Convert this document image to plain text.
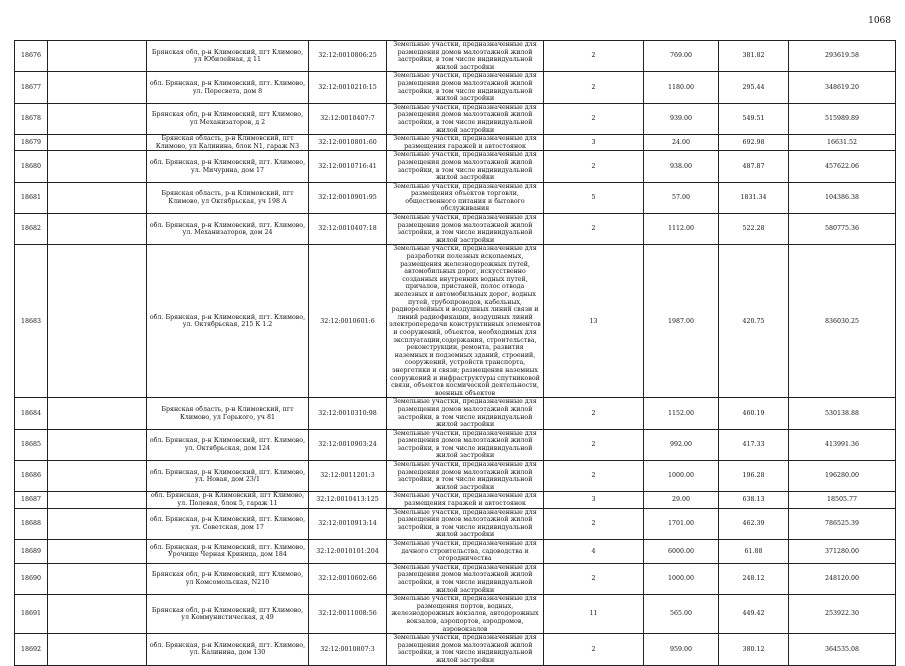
1068
18676		Брянская обл, р-н Климовский, пгт Климово, ул Юбилейная, д 11	32:12:0010806:25	Земельные участки, предназначенные для размещения домов малоэтажной жилой застройки, в том числе индивидуальной жилой застройки	2	769.00	381.82	293619.58
18677		обл. Брянская, р-н Климовский, пгт. Климово, ул. Пересвета, дом 8	32:12:0010210:15	Земельные участки, предназначенные для размещения домов малоэтажной жилой застройки, в том числе индивидуальной жилой застройки	2	1180.00	295.44	348619.20
18678		Брянская обл, р-н Климовский, пгт Климово, ул Механизаторов, д 2	32:12:0010407:7	Земельные участки, предназначенные для размещения домов малоэтажной жилой застройки, в том числе индивидуальной жилой застройки	2	939.00	549.51	515989.89
18679		Брянская область, р-н Климовский, пгт Климово, ул Калинина, блок N1, гараж N3	32:12:0010801:60	Земельные участки, предназначенные для размещения гаражей и автостоянок	3	24.00	692.98	16631.52
18680		обл. Брянская, р-н Климовский, пгт. Климово, ул. Мичурина, дом 17	32:12:0010716:41	Земельные участки, предназначенные для размещения домов малоэтажной жилой застройки, в том числе индивидуальной жилой застройки	2	938.00	487.87	457622.06
18681		Брянская область, р-н Климовский, пгт Климово, ул Октябрьская, уч 198 А	32:12:0010901:95	Земельные участки, предназначенные для размещения объектов торговли, общественного питания и бытового обслуживания	5	57.00	1831.34	104386.38
18682		обл. Брянская, р-н Климовский, пгт. Климово, ул. Механизаторов, дом 24	32:12:0010407:18	Земельные участки, предназначенные для размещения домов малоэтажной жилой застройки, в том числе индивидуальной жилой застройки	2	1112.00	522.28	580775.36
18683		обл. Брянская, р-н Климовский, пгт. Климово, ул. Октябрьская, 215 К 1.2	32:12:0010601:6	Земельные участки, предназначенные для разработки полезных ископаемых, размещения железнодорожных путей, автомобильных дорог, искусственно созданных внутренних водных путей, причалов, пристаней, полос отвода железных и автомобильных дорог, водных путей, трубопроводов, кабельных, радиорелейных и воздушных линий связи и линий радиофикации, воздушных линий электропередачи конструктивных элементов и сооружений, объектов, необходимых для эксплуатации,содержания, строительства, реконструкции, ремонта, развития наземных и подземных зданий, строений, сооружений, устройств транспорта, энергетики и связи; размещения наземных сооружений и инфраструктуры спутниковой связи, объектов космической деятельности, военных объектов	13	1987.00	420.75	836030.25
18684		Брянская область, р-н Климовский, пгт Климово, ул Горького, уч 81	32:12:0010310:98	Земельные участки, предназначенные для размещения домов малоэтажной жилой застройки, в том числе индивидуальной жилой застройки	2	1152.00	460.19	530138.88
18685		обл. Брянская, р-н Климовский, пгт. Климово, ул. Октябрьская, дом 124	32:12:0010903:24	Земельные участки, предназначенные для размещения домов малоэтажной жилой застройки, в том числе индивидуальной жилой застройки	2	992.00	417.33	413991.36
18686		обл. Брянская, р-н Климовский, пгт. Климово, ул. Новая, дом 23/1	32:12:0011201:3	Земельные участки, предназначенные для размещения домов малоэтажной жилой застройки, в том числе индивидуальной жилой застройки	2	1000.00	196.28	196280.00
18687		обл. Брянская, р-н Климовский, пгт Климово, ул. Полевая, блок 5, гараж 11	32:12:0010413:125	Земельные участки, предназначенные для размещения гаражей и автостоянок	3	29.00	638.13	18505.77
18688		обл. Брянская, р-н Климовский, пгт. Климово, ул. Советская, дом 17	32:12:0010913:14	Земельные участки, предназначенные для размещения домов малоэтажной жилой застройки, в том числе индивидуальной жилой застройки	2	1701.00	462.39	786525.39
18689		обл. Брянская, р-н Климовский, пгт. Климово, Урочище Черная Криница, дом 184	32:12:0010101:204	Земельные участки, предназначенные для дачного строительства, садоводства и огородничества	4	6000.00	61.88	371280.00
18690		Брянская обл, р-н Климовский, пгт Климово, ул Комсомольская, N210	32:12:0010602:66	Земельные участки, предназначенные для размещения домов малоэтажной жилой застройки, в том числе индивидуальной жилой застройки	2	1000.00	248.12	248120.00
18691		Брянская обл, р-н Климовский, пгт Климово, ул Коммунистическая, д 49	32:12:0011008:56	Земельные участки, предназначенные для размещения портов, водных, железнодорожных вокзалов, автодорожных вокзалов, аэропортов, аэродромов, аэровокзалов	11	565.00	449.42	253922.30
18692		обл. Брянская, р-н Климовский, пгт. Климово, ул. Калинина, дом 130	32:12:0010807:3	Земельные участки, предназначенные для размещения домов малоэтажной жилой застройки, в том числе индивидуальной жилой застройки	2	959.00	380.12	364535.08
